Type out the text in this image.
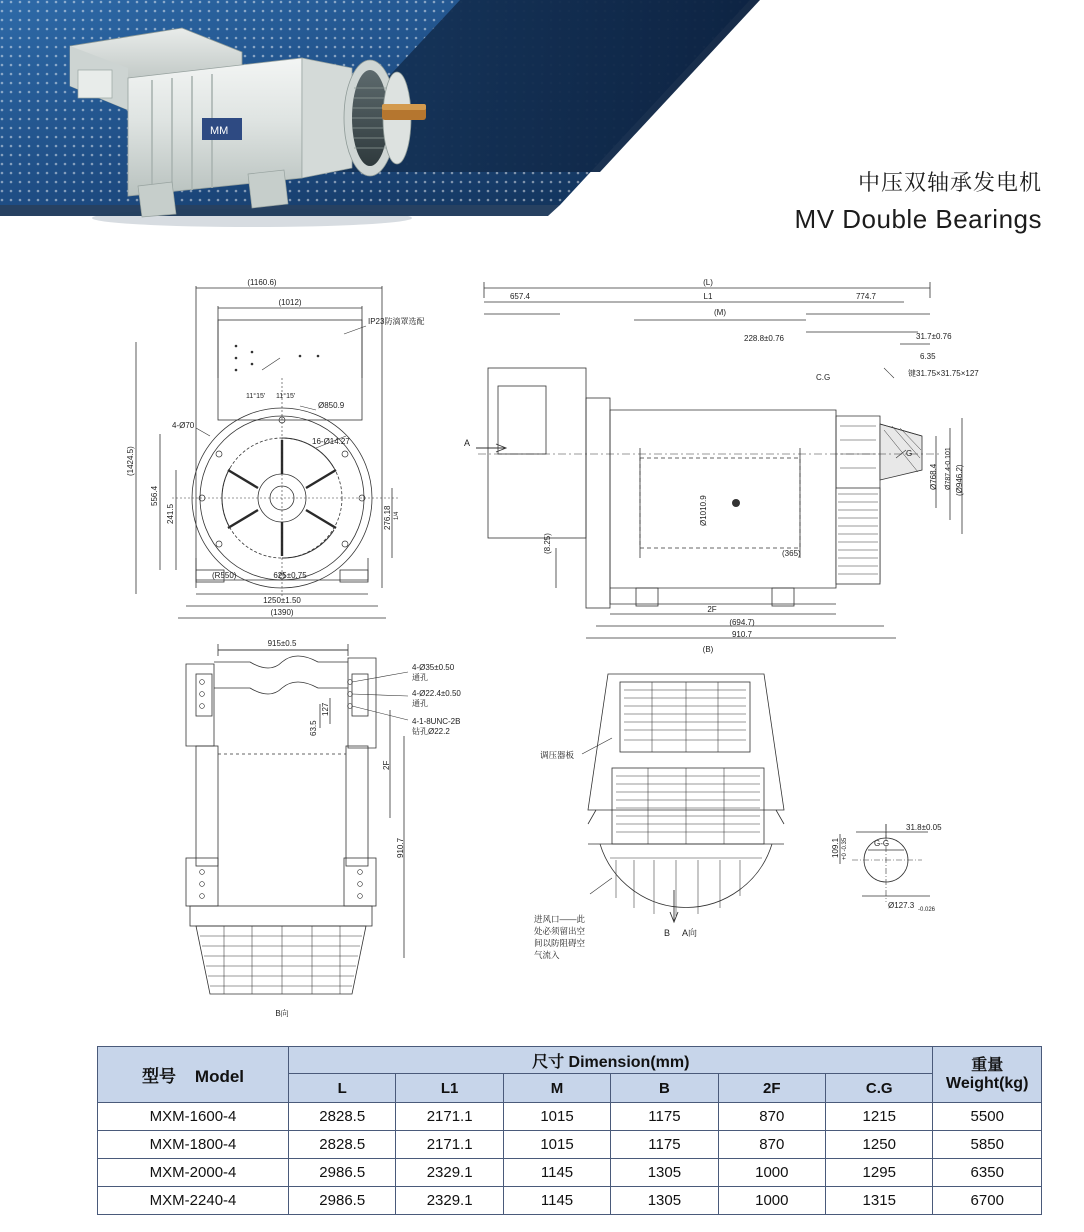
MM
中压双轴承发电机
MV Double Bearings
(1160.6)
(1012)
IP23防滴罩选配
11°15' 11°15'
Ø850.9
16-Ø14.27
4-Ø70
(1424.5)
556.4
241.5	276.18 1/4
(R550)	625±0.75
1250±1.50
(1390)
(L)
L1
657.4
(M)
774.7
228.8±0.76	31.7±0.76
6.35
键31.75×31.75×127
C.G
A
G
Ø768.4 Ø787.4-0.101 (Ø946.2)
Ø1010.9
(8.25)	(365)
2F
(694.7)
910.7
(B)
915±0.5
4-Ø35±0.50
通孔
4-Ø22.4±0.50
通孔
4-1-8UNC-2B
钻孔Ø22.2
127
63.5
2F
910.7
B向
调压器板
进风口——此
处必须留出空
间以防阻碍空
气流入
B A向
G-G
31.8±0.05
109.1 +0 -0.35
Ø127.3 -0.026
型号 Model	尺寸 Dimension(mm)						重量
Weight(kg)

	L	L1	M	B	2F	C.G	
MXM-1600-4	2828.5	2171.1	1015	1175	870	1215	5500
MXM-1800-4	2828.5	2171.1	1015	1175	870	1250	5850
MXM-2000-4	2986.5	2329.1	1145	1305	1000	1295	6350
MXM-2240-4	2986.5	2329.1	1145	1305	1000	1315	6700
